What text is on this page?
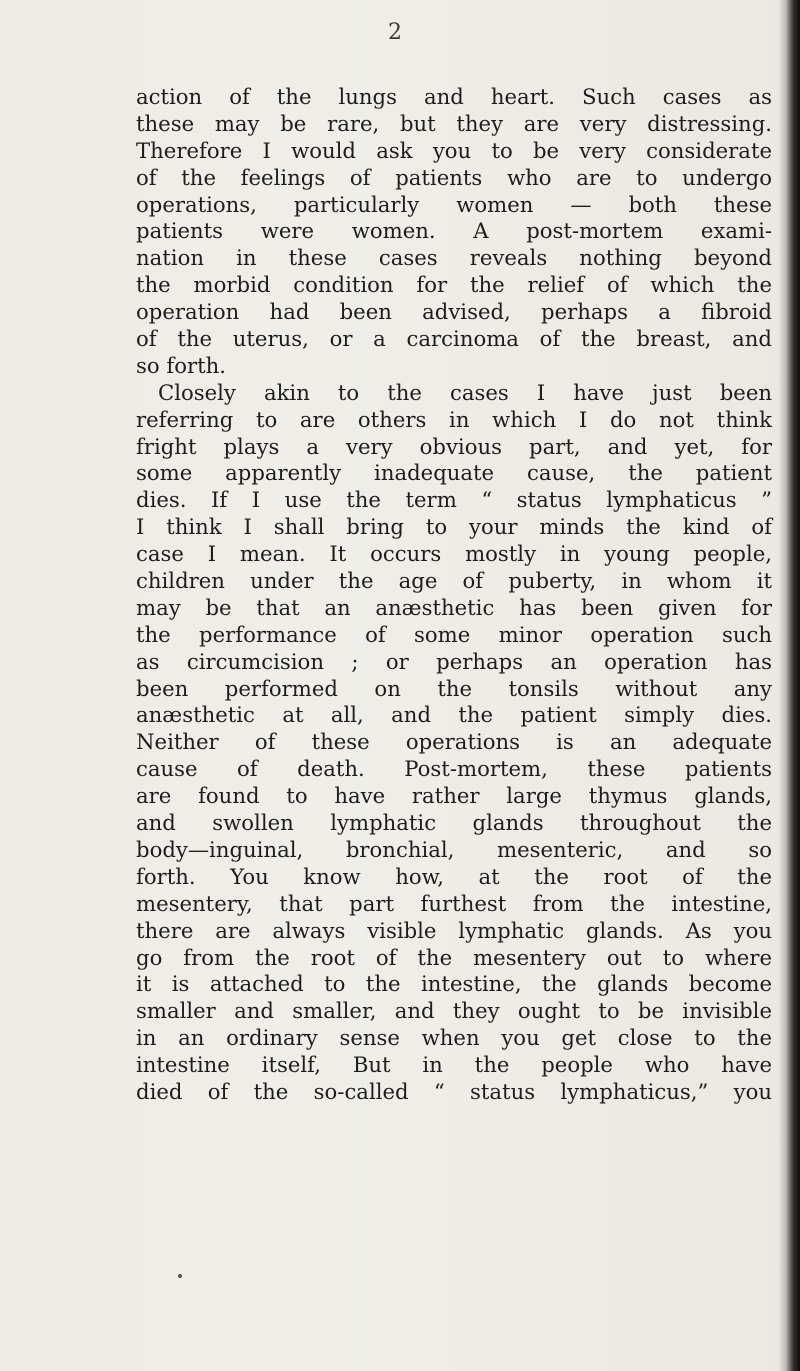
2
action of the lungs and heart. Such cases as
these may be rare, but they are very distressing.
Therefore I would ask you to be very considerate
of the feelings of patients who are to undergo
operations, particularly women — both these
patients were women. A post-mortem exami-
nation in these cases reveals nothing beyond
the morbid condition for the relief of which the
operation had been advised, perhaps a fibroid
of the uterus, or a carcinoma of the breast, and
so forth.
Closely akin to the cases I have just been
referring to are others in which I do not think
fright plays a very obvious part, and yet, for
some apparently inadequate cause, the patient
dies. If I use the term “ status lymphaticus ”
I think I shall bring to your minds the kind of
case I mean. It occurs mostly in young people,
children under the age of puberty, in whom it
may be that an anæsthetic has been given for
the performance of some minor operation such
as circumcision ; or perhaps an operation has
been performed on the tonsils without any
anæsthetic at all, and the patient simply dies.
Neither of these operations is an adequate
cause of death. Post-mortem, these patients
are found to have rather large thymus glands,
and swollen lymphatic glands throughout the
body—inguinal, bronchial, mesenteric, and so
forth. You know how, at the root of the
mesentery, that part furthest from the intestine,
there are always visible lymphatic glands. As you
go from the root of the mesentery out to where
it is attached to the intestine, the glands become
smaller and smaller, and they ought to be invisible
in an ordinary sense when you get close to the
intestine itself, But in the people who have
died of the so-called “ status lymphaticus,” you
